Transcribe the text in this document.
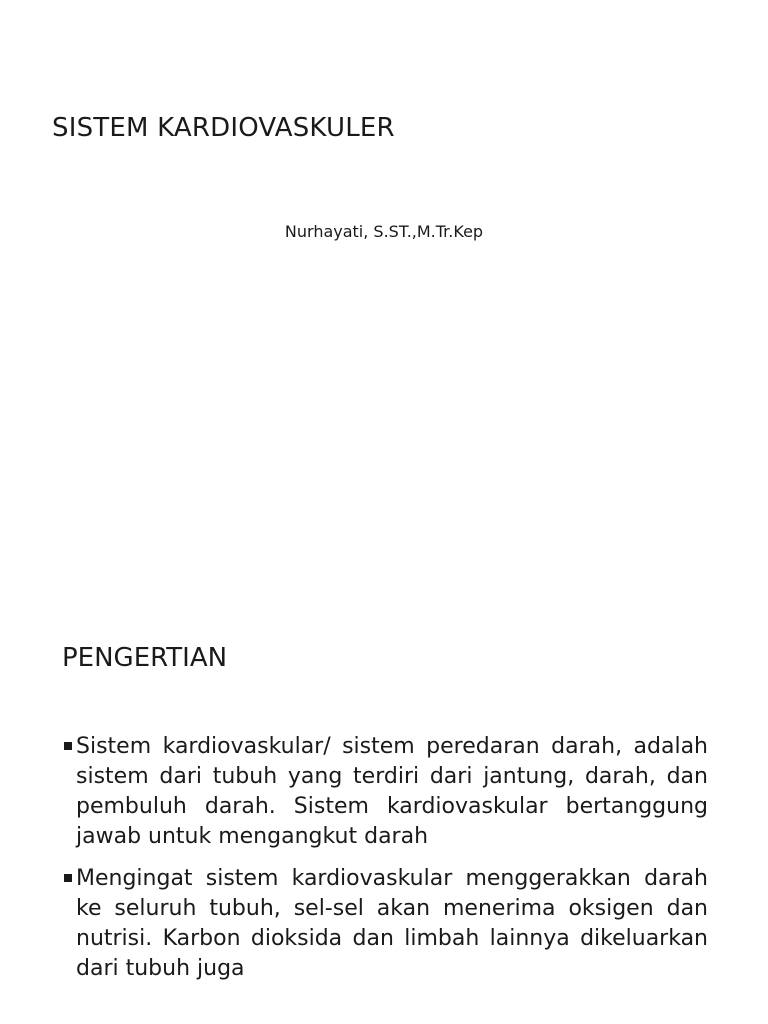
SISTEM KARDIOVASKULER
Nurhayati, S.ST.,M.Tr.Kep
PENGERTIAN
Sistem kardiovaskular/ sistem peredaran darah, adalah sistem dari tubuh yang terdiri dari jantung, darah, dan pembuluh darah. Sistem kardiovaskular bertanggung jawab untuk mengangkut darah
Mengingat sistem kardiovaskular menggerakkan darah ke seluruh tubuh, sel-sel akan menerima oksigen dan nutrisi. Karbon dioksida dan limbah lainnya dikeluarkan dari tubuh juga
